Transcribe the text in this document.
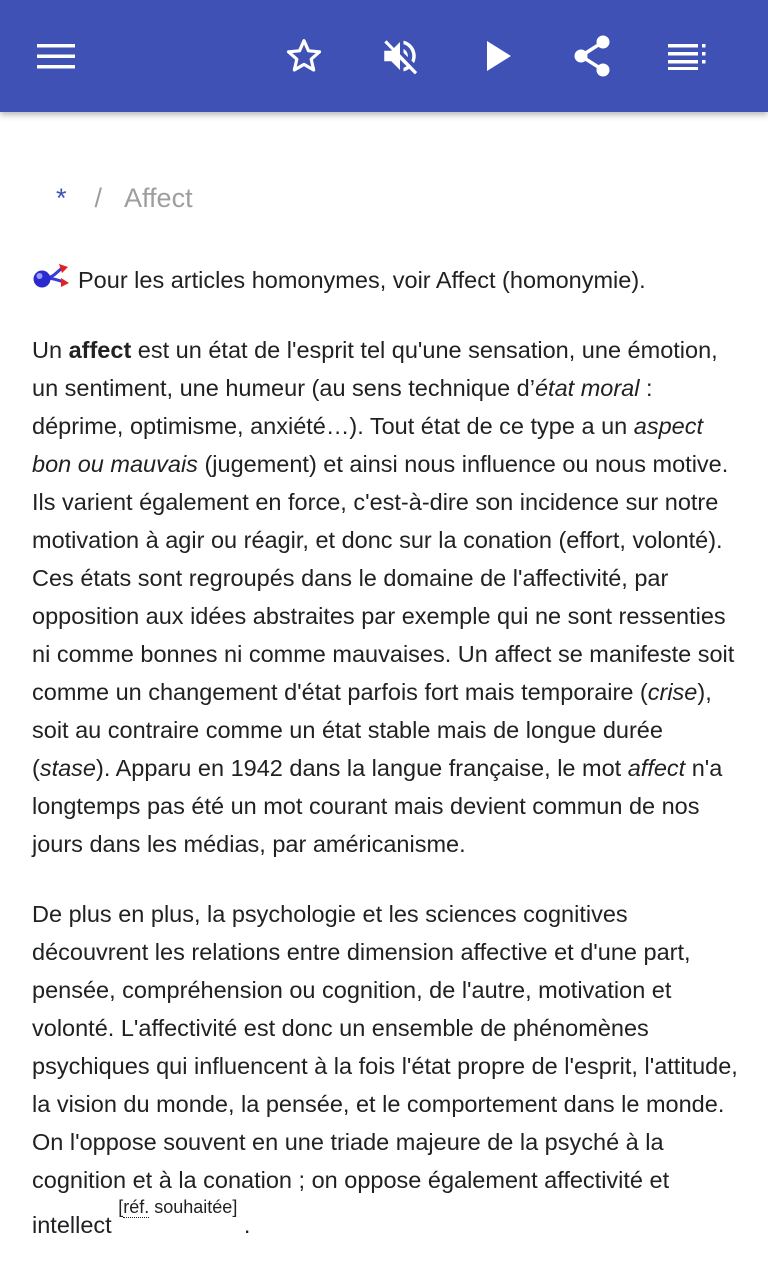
* / Affect

Pour les articles homonymes, voir Affect (homonymie).

Un affect est un état de l'esprit tel qu'une sensation, une émotion, un sentiment, une humeur (au sens technique d’état moral : déprime, optimisme, anxiété…). Tout état de ce type a un aspect bon ou mauvais (jugement) et ainsi nous influence ou nous motive. Ils varient également en force, c'est-à-dire son incidence sur notre motivation à agir ou réagir, et donc sur la conation (effort, volonté). Ces états sont regroupés dans le domaine de l'affectivité, par opposition aux idées abstraites par exemple qui ne sont ressenties ni comme bonnes ni comme mauvaises. Un affect se manifeste soit comme un changement d'état parfois fort mais temporaire (crise), soit au contraire comme un état stable mais de longue durée (stase). Apparu en 1942 dans la langue française, le mot affect n'a longtemps pas été un mot courant mais devient commun de nos jours dans les médias, par américanisme.

De plus en plus, la psychologie et les sciences cognitives découvrent les relations entre dimension affective et d'une part, pensée, compréhension ou cognition, de l'autre, motivation et volonté. L'affectivité est donc un ensemble de phénomènes psychiques qui influencent à la fois l'état propre de l'esprit, l'attitude, la vision du monde, la pensée, et le comportement dans le monde. On l'oppose souvent en une triade majeure de la psyché à la cognition et à la conation ; on oppose également affectivité et intellect [réf. souhaitée] .
